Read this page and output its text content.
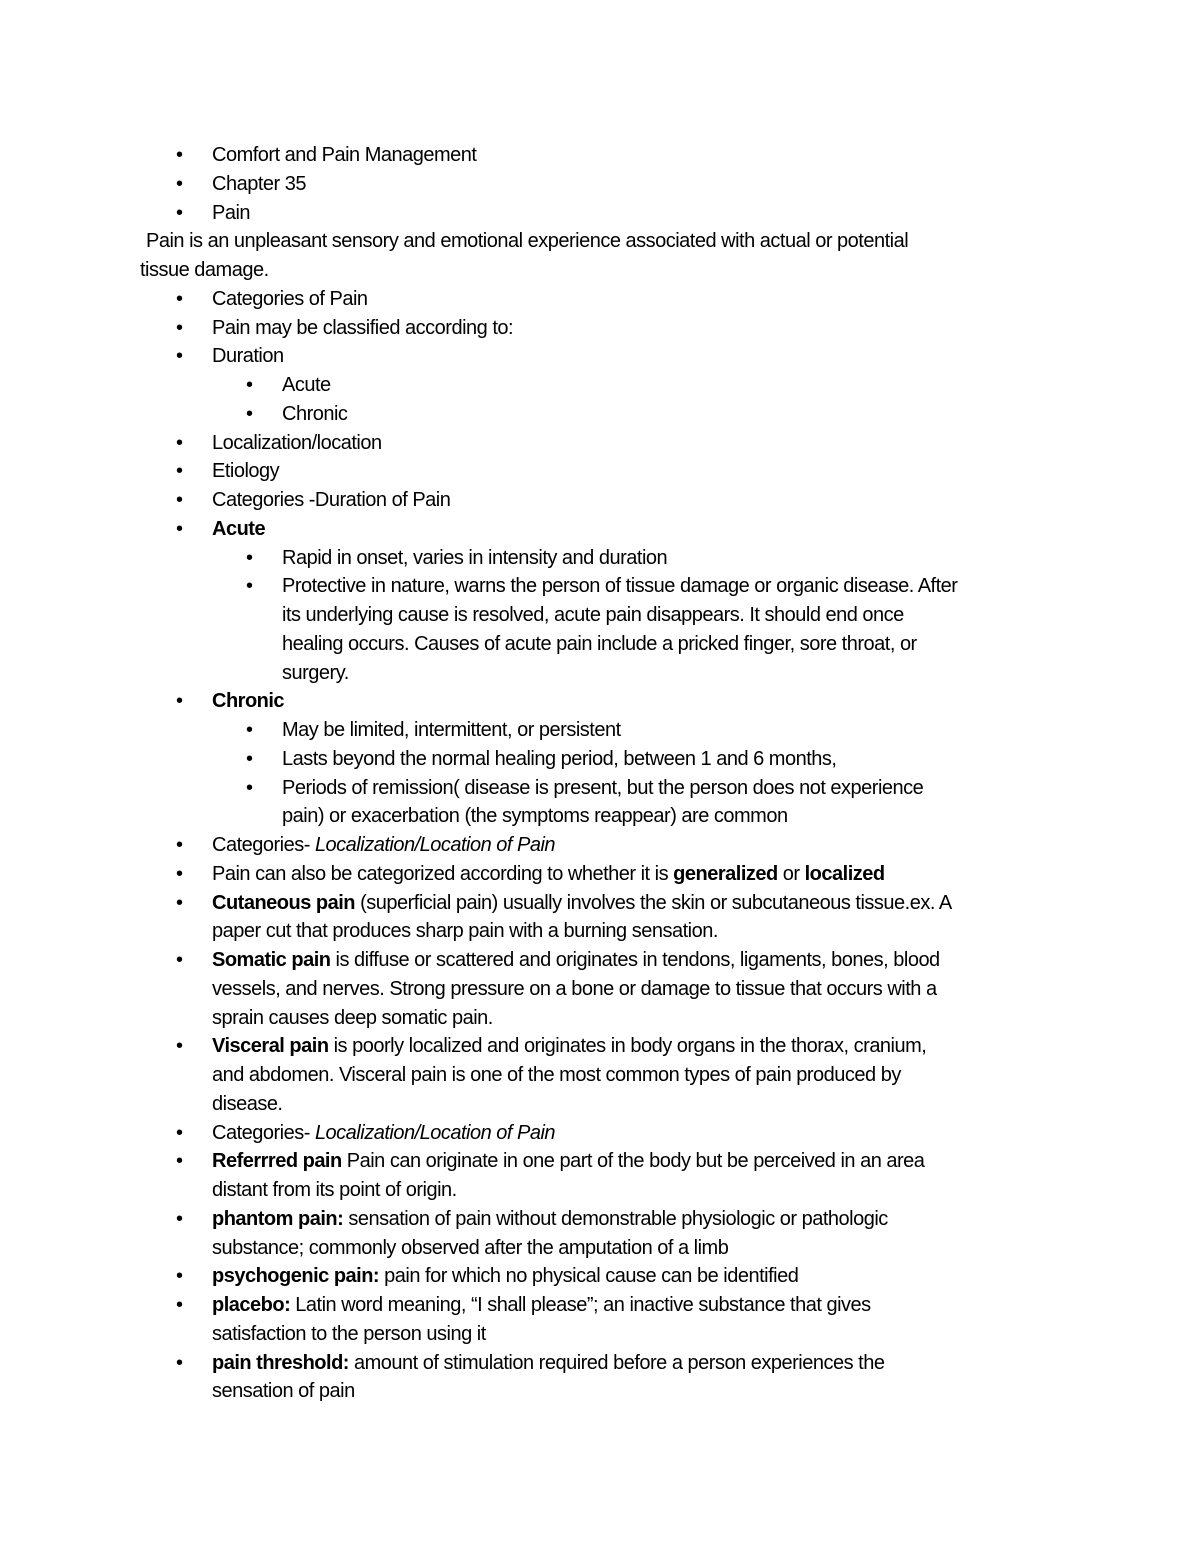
•	Comfort and Pain Management
•	Chapter 35
•	Pain
Pain is an unpleasant sensory and emotional experience associated with actual or potential
tissue damage.
•	Categories of Pain
•	Pain may be classified according to:
•	Duration
•	Acute
•	Chronic
•	Localization/location
•	Etiology
•	Categories -Duration of Pain
•	Acute
•	Rapid in onset, varies in intensity and duration
•	Protective in nature, warns the person of tissue damage or organic disease. After
its underlying cause is resolved, acute pain disappears. It should end once
healing occurs. Causes of acute pain include a pricked finger, sore throat, or
surgery.
•	Chronic
•	May be limited, intermittent, or persistent
•	Lasts beyond the normal healing period, between 1 and 6 months,
•	Periods of remission( disease is present, but the person does not experience
pain) or exacerbation (the symptoms reappear) are common
•	Categories- Localization/Location of Pain
•	Pain can also be categorized according to whether it is generalized or localized
•	Cutaneous pain (superficial pain) usually involves the skin or subcutaneous tissue.ex. A
paper cut that produces sharp pain with a burning sensation.
•	Somatic pain is diffuse or scattered and originates in tendons, ligaments, bones, blood
vessels, and nerves. Strong pressure on a bone or damage to tissue that occurs with a
sprain causes deep somatic pain.
•	Visceral pain is poorly localized and originates in body organs in the thorax, cranium,
and abdomen. Visceral pain is one of the most common types of pain produced by
disease.
•	Categories- Localization/Location of Pain
•	Referrred pain Pain can originate in one part of the body but be perceived in an area
distant from its point of origin.
•	phantom pain: sensation of pain without demonstrable physiologic or pathologic
substance; commonly observed after the amputation of a limb
•	psychogenic pain: pain for which no physical cause can be identified
•	placebo: Latin word meaning, “I shall please”; an inactive substance that gives
satisfaction to the person using it
•	pain threshold: amount of stimulation required before a person experiences the
sensation of pain
